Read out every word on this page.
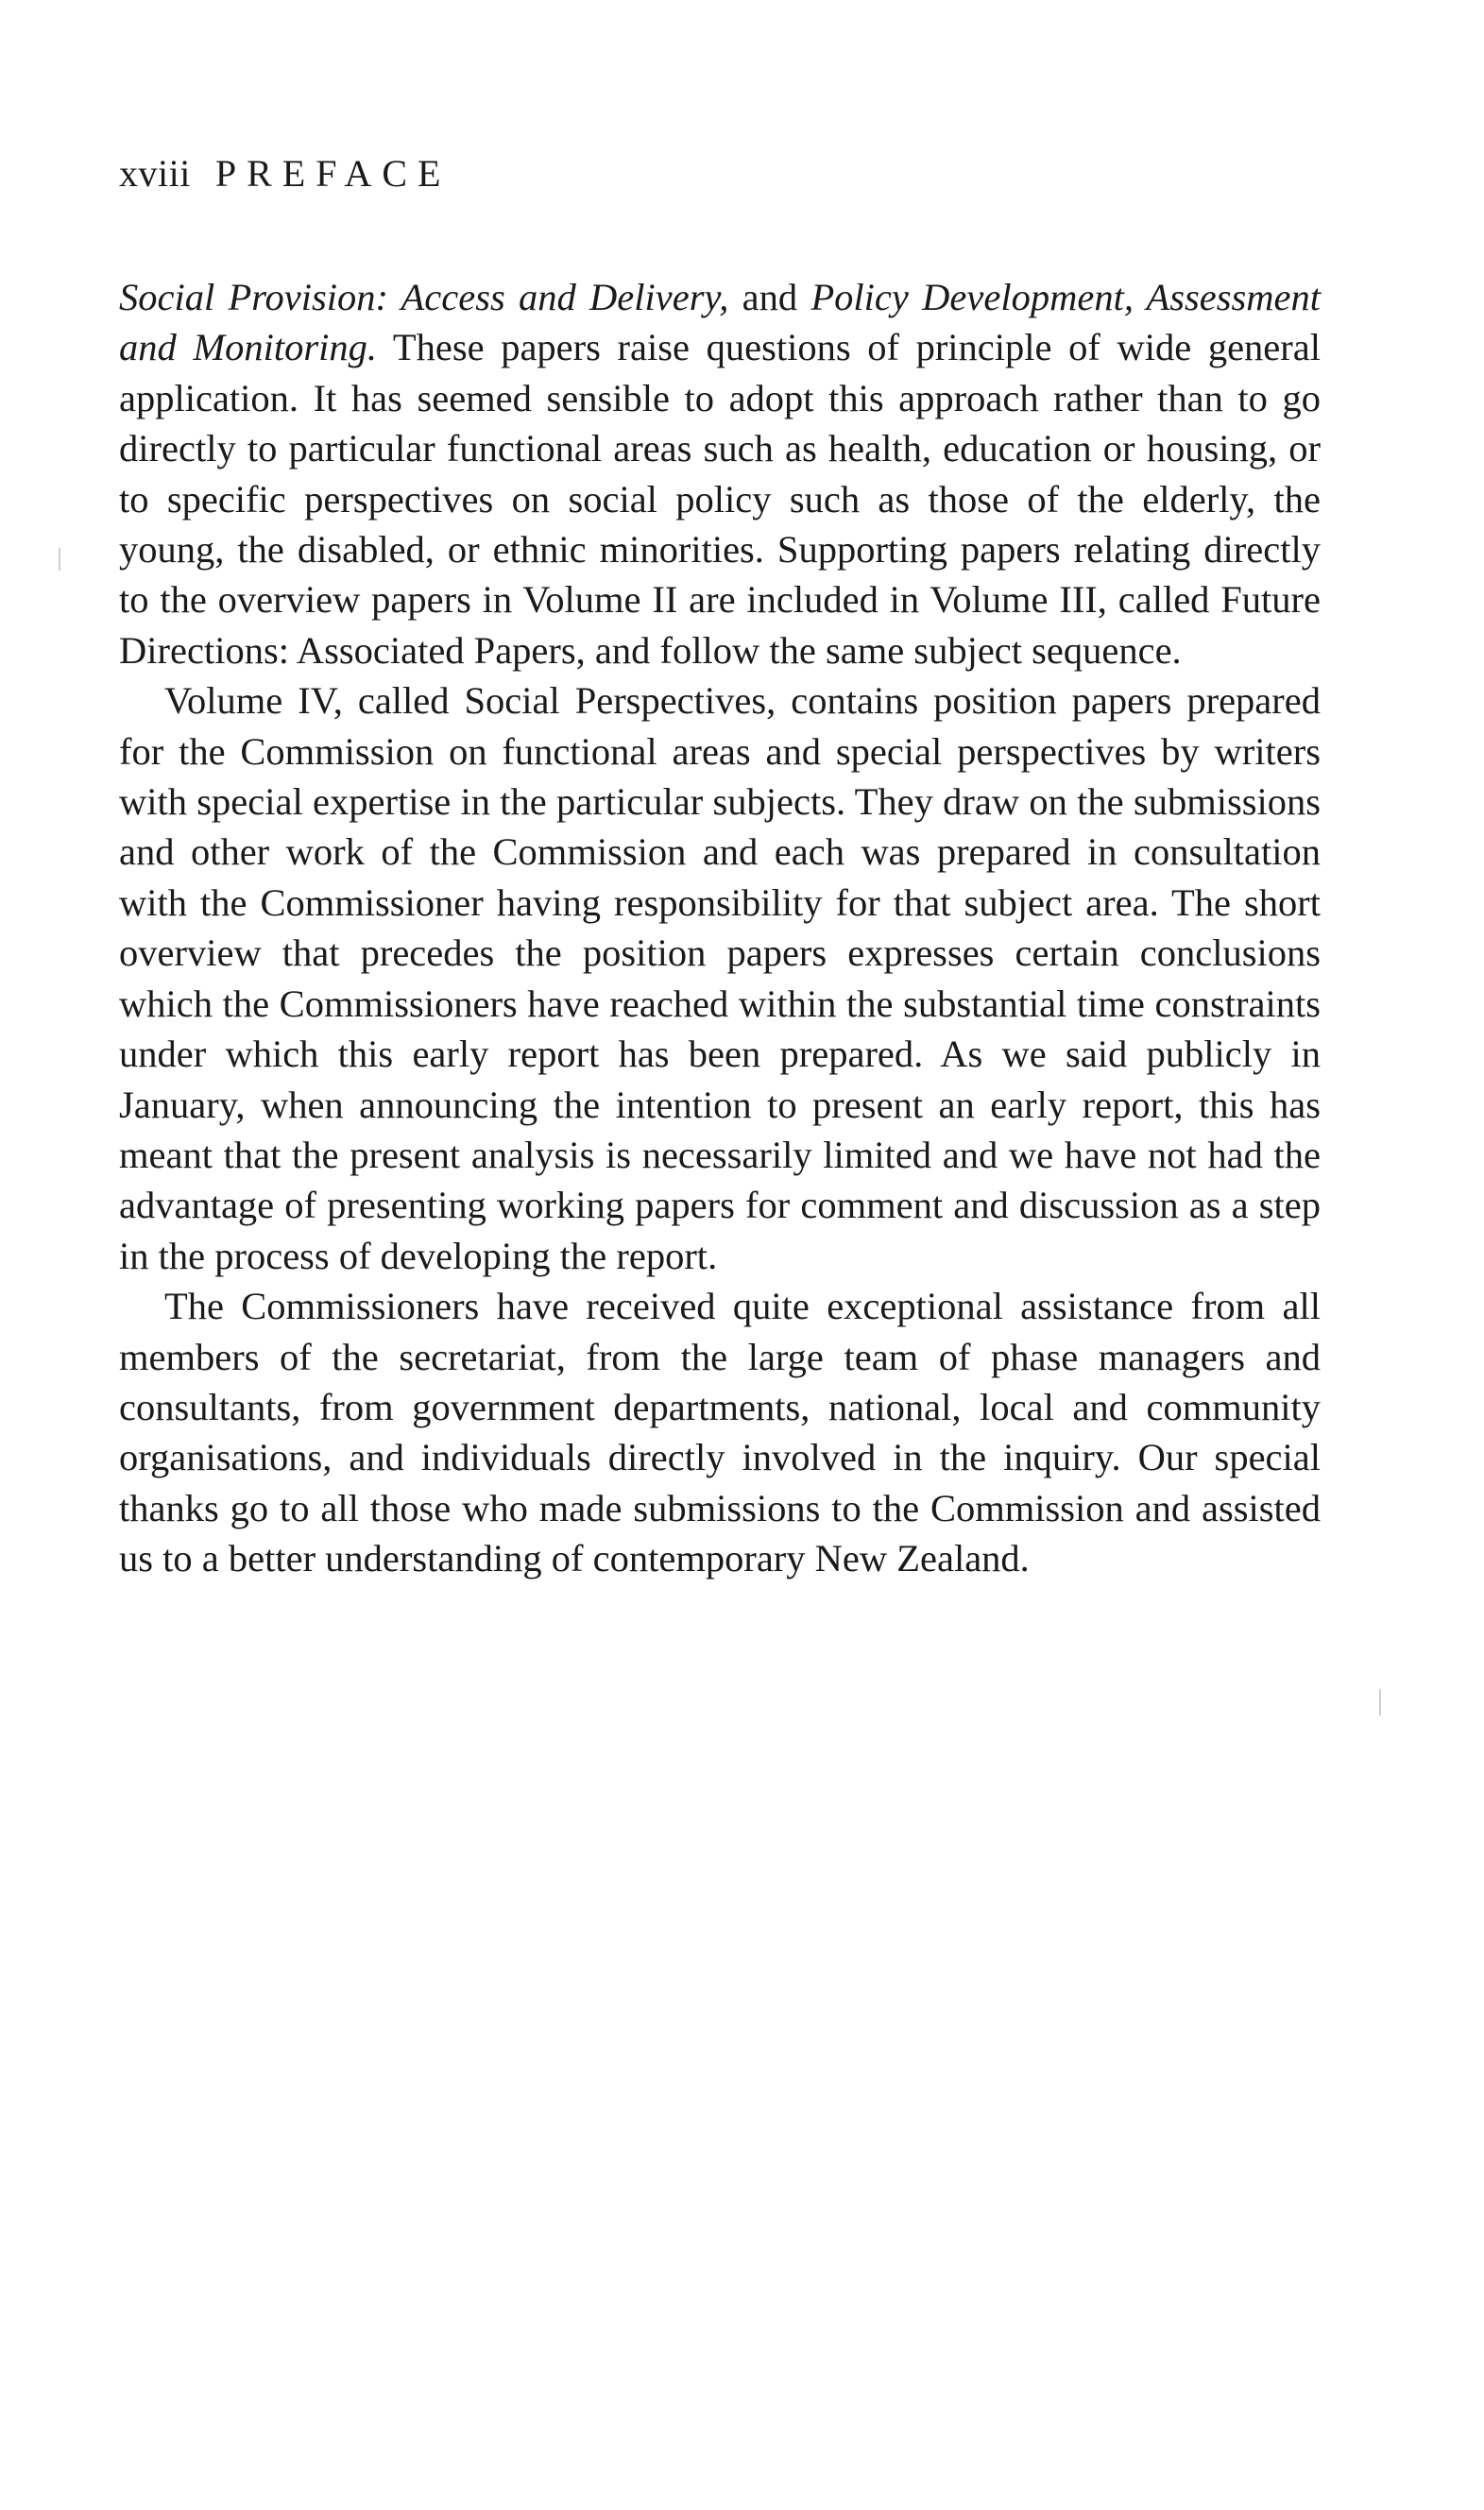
xviii PREFACE

Social Provision: Access and Delivery, and Policy Development, Assessment and Monitoring. These papers raise questions of principle of wide general application. It has seemed sensible to adopt this approach rather than to go directly to particular functional areas such as health, education or housing, or to specific perspectives on social policy such as those of the elderly, the young, the disabled, or ethnic minorities. Supporting papers relating directly to the overview papers in Volume II are included in Volume III, called Future Directions: Associated Papers, and follow the same subject sequence.

Volume IV, called Social Perspectives, contains position papers prepared for the Commission on functional areas and special perspectives by writers with special expertise in the particular subjects. They draw on the submissions and other work of the Commission and each was prepared in consultation with the Commissioner having responsibility for that subject area. The short overview that precedes the position papers expresses certain conclusions which the Commissioners have reached within the substantial time constraints under which this early report has been prepared. As we said publicly in January, when announcing the intention to present an early report, this has meant that the present analysis is necessarily limited and we have not had the advantage of presenting working papers for comment and discussion as a step in the process of developing the report.

The Commissioners have received quite exceptional assistance from all members of the secretariat, from the large team of phase managers and consultants, from government departments, national, local and community organisations, and individuals directly involved in the inquiry. Our special thanks go to all those who made submissions to the Commission and assisted us to a better understanding of contemporary New Zealand.
